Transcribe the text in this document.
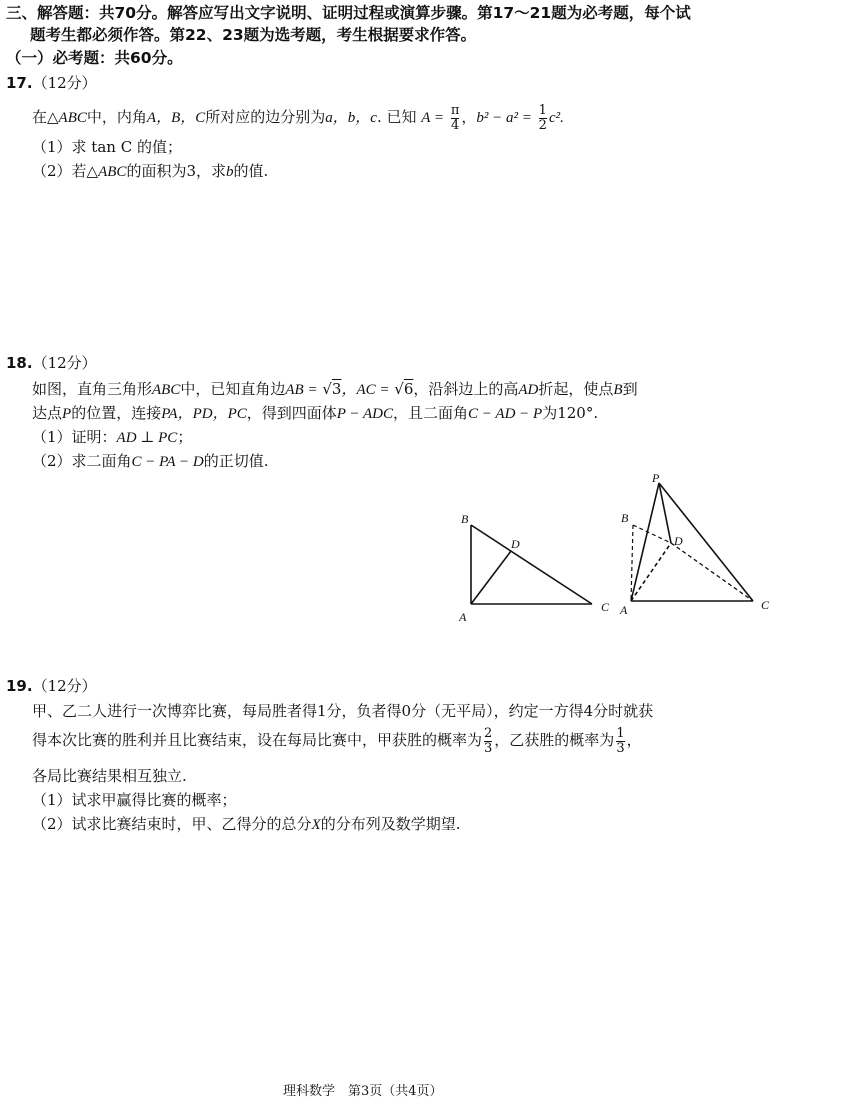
三、解答题：共70分。解答应写出文字说明、证明过程或演算步骤。第17～21题为必考题，每个试
题考生都必须作答。第22、23题为选考题，考生根据要求作答。
（一）必考题：共60分。
17.（12分）
在△ABC中，内角A，B，C所对应的边分别为a，b，c. 已知 $A = \frac{\pi}{4}$ ，$b^2 - a^2 = \frac{1}{2} c^2$.
（1）求 tan C 的值；
（2）若△ABC的面积为3，求b的值.
18.（12分）
如图，直角三角形ABC中，已知直角边AB = √3，AC = √6，沿斜边上的高AD折起，使点B到
达点P的位置，连接PA，PD，PC，得到四面体P − ADC，且二面角C − AD − P为120°.
（1）证明：AD ⊥ PC；
（2）求二面角C − PA − D的正切值.
B
D
A
C
P
B
D
A	C
19.（12分）
甲、乙二人进行一次博弈比赛，每局胜者得1分，负者得0分（无平局），约定一方得4分时就获
得本次比赛的胜利并且比赛结束，设在每局比赛中，甲获胜的概率为 $\frac{2}{3}$ ，乙获胜的概率为 $\frac{1}{3}$ ，
各局比赛结果相互独立.
（1）试求甲赢得比赛的概率；
（2）试求比赛结束时，甲、乙得分的总分X的分布列及数学期望.
理科数学　第3页（共4页）
